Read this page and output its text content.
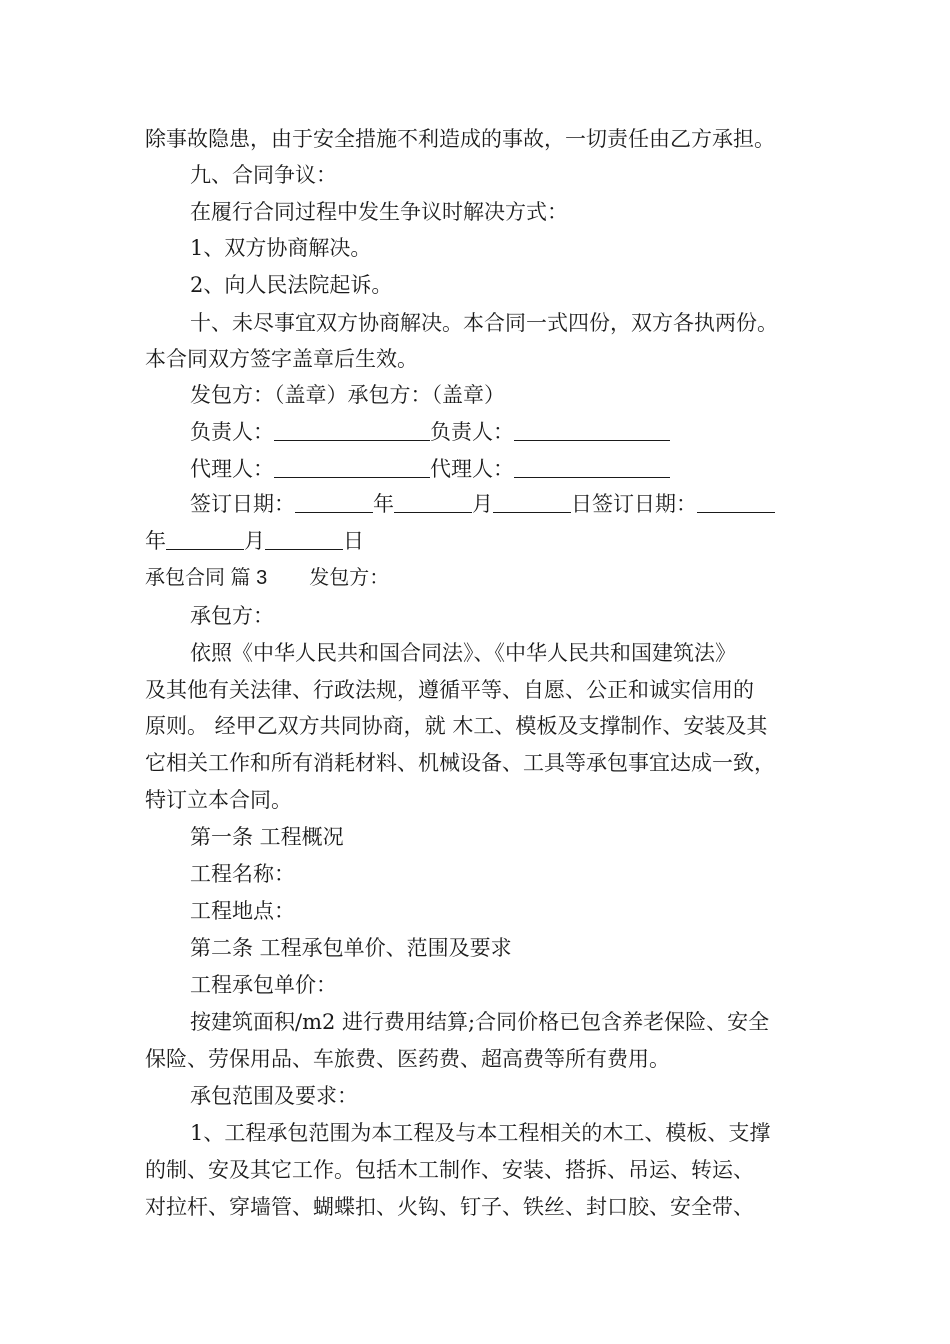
除事故隐患，由于安全措施不利造成的事故，一切责任由乙方承担。
九、合同争议：
在履行合同过程中发生争议时解决方式：
1、双方协商解决。
2、向人民法院起诉。
十、未尽事宜双方协商解决。本合同一式四份，双方各执两份。
本合同双方签字盖章后生效。
发包方：（盖章）承包方：（盖章）
负责人：	负责人：
代理人：	代理人：
签订日期：	年	月	日签订日期：
年	月	日
承包合同 篇 3 发包方：
承包方：
依照《中华人民共和国合同法》、《中华人民共和国建筑法》
及其他有关法律、行政法规，遵循平等、自愿、公正和诚实信用的
原则。 经甲乙双方共同协商，就 木工、模板及支撑制作、安装及其
它相关工作和所有消耗材料、机械设备、工具等承包事宜达成一致，
特订立本合同。
第一条 工程概况
工程名称：
工程地点：
第二条 工程承包单价、范围及要求
工程承包单价：
按建筑面积/m2 进行费用结算;合同价格已包含养老保险、安全
保险、劳保用品、车旅费、医药费、超高费等所有费用。
承包范围及要求：
1、工程承包范围为本工程及与本工程相关的木工、模板、支撑
的制、安及其它工作。包括木工制作、安装、搭拆、吊运、转运、
对拉杆、穿墙管、蝴蝶扣、火钩、钉子、铁丝、封口胶、安全带、
